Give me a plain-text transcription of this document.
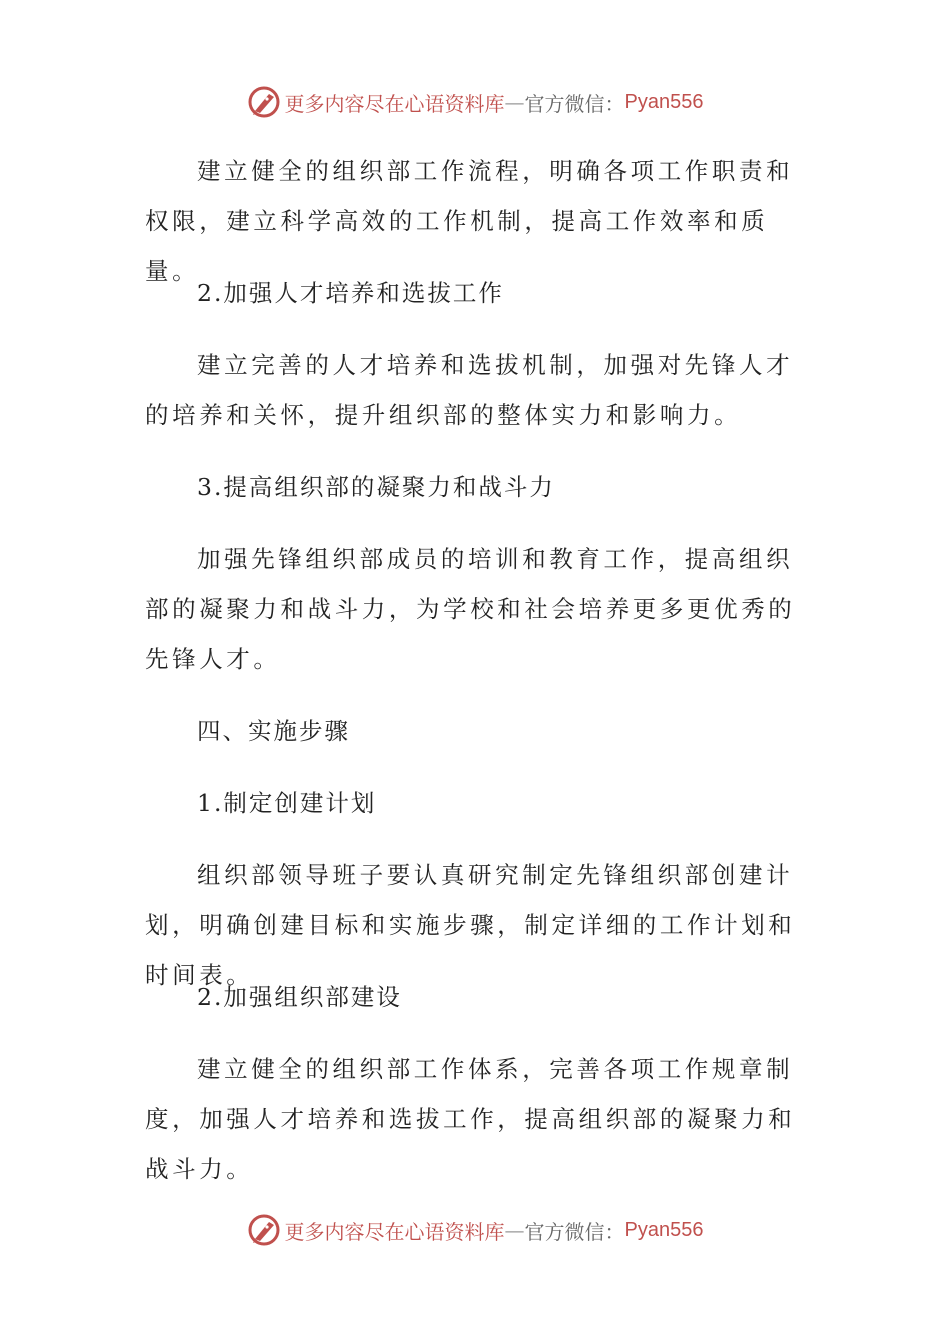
更多内容尽在心语资料库 — 官方微信： Pyan556

建立健全的组织部工作流程，明确各项工作职责和权限，建立科学高效的工作机制，提高工作效率和质量。

2.加强人才培养和选拔工作

建立完善的人才培养和选拔机制，加强对先锋人才的培养和关怀，提升组织部的整体实力和影响力。

3.提高组织部的凝聚力和战斗力

加强先锋组织部成员的培训和教育工作，提高组织部的凝聚力和战斗力，为学校和社会培养更多更优秀的先锋人才。

四、实施步骤

1.制定创建计划

组织部领导班子要认真研究制定先锋组织部创建计划，明确创建目标和实施步骤，制定详细的工作计划和时间表。

2.加强组织部建设

建立健全的组织部工作体系，完善各项工作规章制度，加强人才培养和选拔工作，提高组织部的凝聚力和战斗力。

更多内容尽在心语资料库 — 官方微信： Pyan556
